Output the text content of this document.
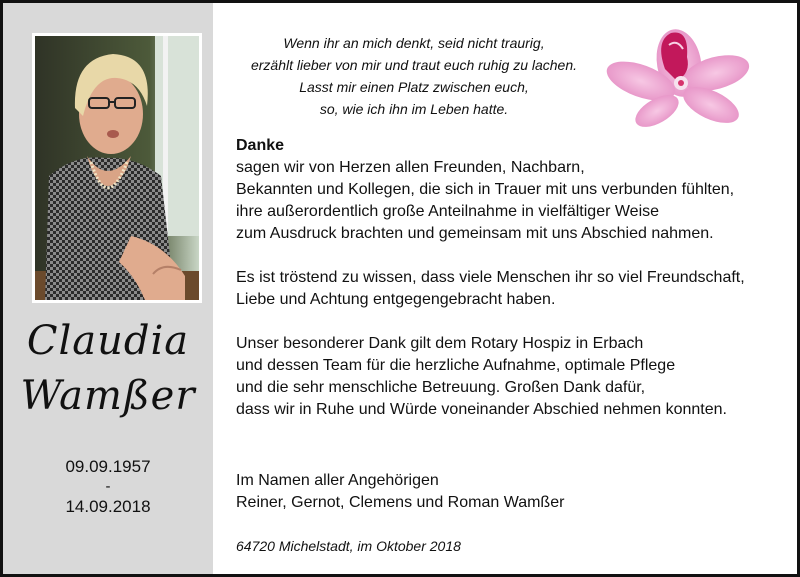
Claudia
Wamßer
09.09.1957
-
14.09.2018
Wenn ihr an mich denkt, seid nicht traurig,
erzählt lieber von mir und traut euch ruhig zu lachen.
Lasst mir einen Platz zwischen euch,
so, wie ich ihn im Leben hatte.
Danke
sagen wir von Herzen allen Freunden, Nachbarn,
Bekannten und Kollegen, die sich in Trauer mit uns verbunden fühlten,
ihre außerordentlich große Anteilnahme in vielfältiger Weise
zum Ausdruck brachten und gemeinsam mit uns Abschied nahmen.
Es ist tröstend zu wissen, dass viele Menschen ihr so viel Freundschaft,
Liebe und Achtung entgegengebracht haben.
Unser besonderer Dank gilt dem Rotary Hospiz in Erbach
und dessen Team für die herzliche Aufnahme, optimale Pflege
und die sehr menschliche Betreuung. Großen Dank dafür,
dass wir in Ruhe und Würde voneinander Abschied nehmen konnten.
Im Namen aller Angehörigen
Reiner, Gernot, Clemens und Roman Wamßer
64720 Michelstadt, im Oktober 2018
